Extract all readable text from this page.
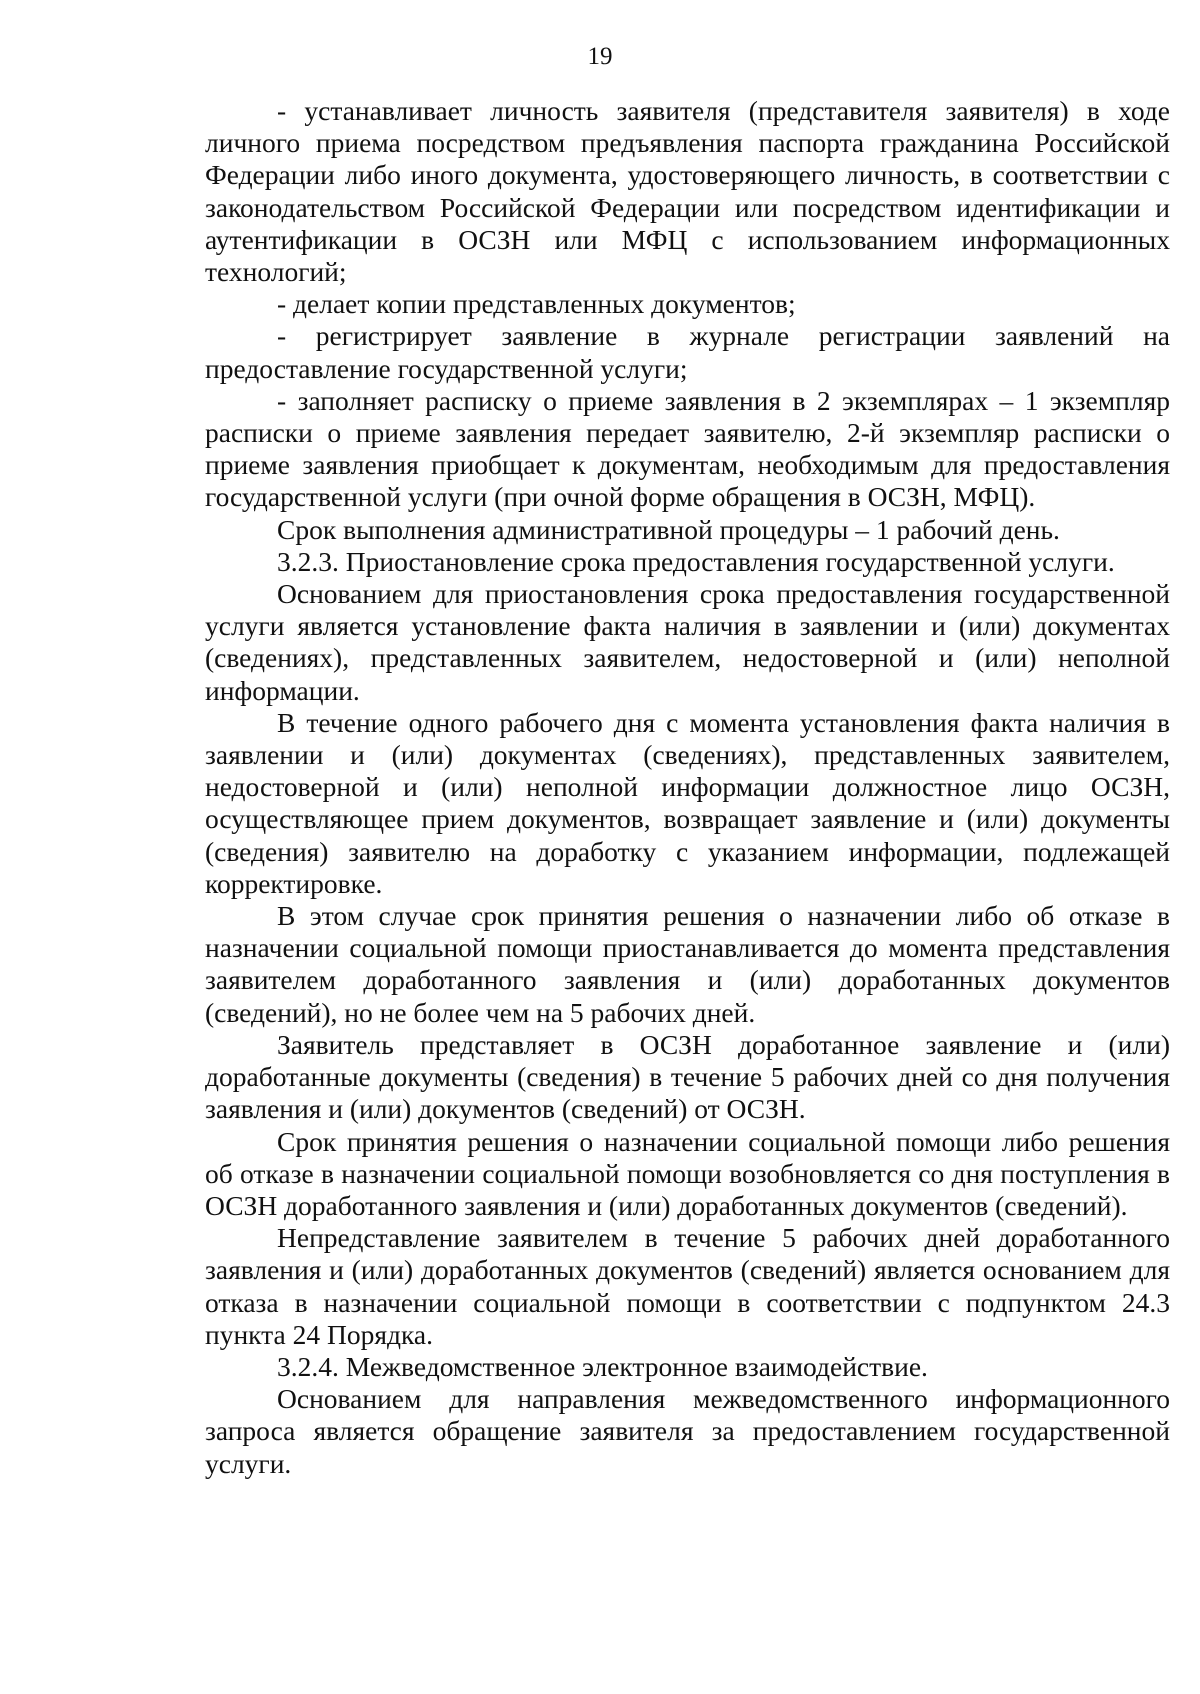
19

- устанавливает личность заявителя (представителя заявителя) в ходе личного приема посредством предъявления паспорта гражданина Российской Федерации либо иного документа, удостоверяющего личность, в соответствии с законодательством Российской Федерации или посредством идентификации и аутентификации в ОСЗН или МФЦ с использованием информационных технологий;

- делает копии представленных документов;

- регистрирует заявление в журнале регистрации заявлений на предоставление государственной услуги;

- заполняет расписку о приеме заявления в 2 экземплярах – 1 экземпляр расписки о приеме заявления передает заявителю, 2-й экземпляр расписки о приеме заявления приобщает к документам, необходимым для предоставления государственной услуги (при очной форме обращения в ОСЗН, МФЦ).

Срок выполнения административной процедуры – 1 рабочий день.

3.2.3. Приостановление срока предоставления государственной услуги.

Основанием для приостановления срока предоставления государственной услуги является установление факта наличия в заявлении и (или) документах (сведениях), представленных заявителем, недостоверной и (или) неполной информации.

В течение одного рабочего дня с момента установления факта наличия в заявлении и (или) документах (сведениях), представленных заявителем, недостоверной и (или) неполной информации должностное лицо ОСЗН, осуществляющее прием документов, возвращает заявление и (или) документы (сведения) заявителю на доработку с указанием информации, подлежащей корректировке.

В этом случае срок принятия решения о назначении либо об отказе в назначении социальной помощи приостанавливается до момента представления заявителем доработанного заявления и (или) доработанных документов (сведений), но не более чем на 5 рабочих дней.

Заявитель представляет в ОСЗН доработанное заявление и (или) доработанные документы (сведения) в течение 5 рабочих дней со дня получения заявления и (или) документов (сведений) от ОСЗН.

Срок принятия решения о назначении социальной помощи либо решения об отказе в назначении социальной помощи возобновляется со дня поступления в ОСЗН доработанного заявления и (или) доработанных документов (сведений).

Непредставление заявителем в течение 5 рабочих дней доработанного заявления и (или) доработанных документов (сведений) является основанием для отказа в назначении социальной помощи в соответствии с подпунктом 24.3 пункта 24 Порядка.

3.2.4. Межведомственное электронное взаимодействие.

Основанием для направления межведомственного информационного запроса является обращение заявителя за предоставлением государственной услуги.
